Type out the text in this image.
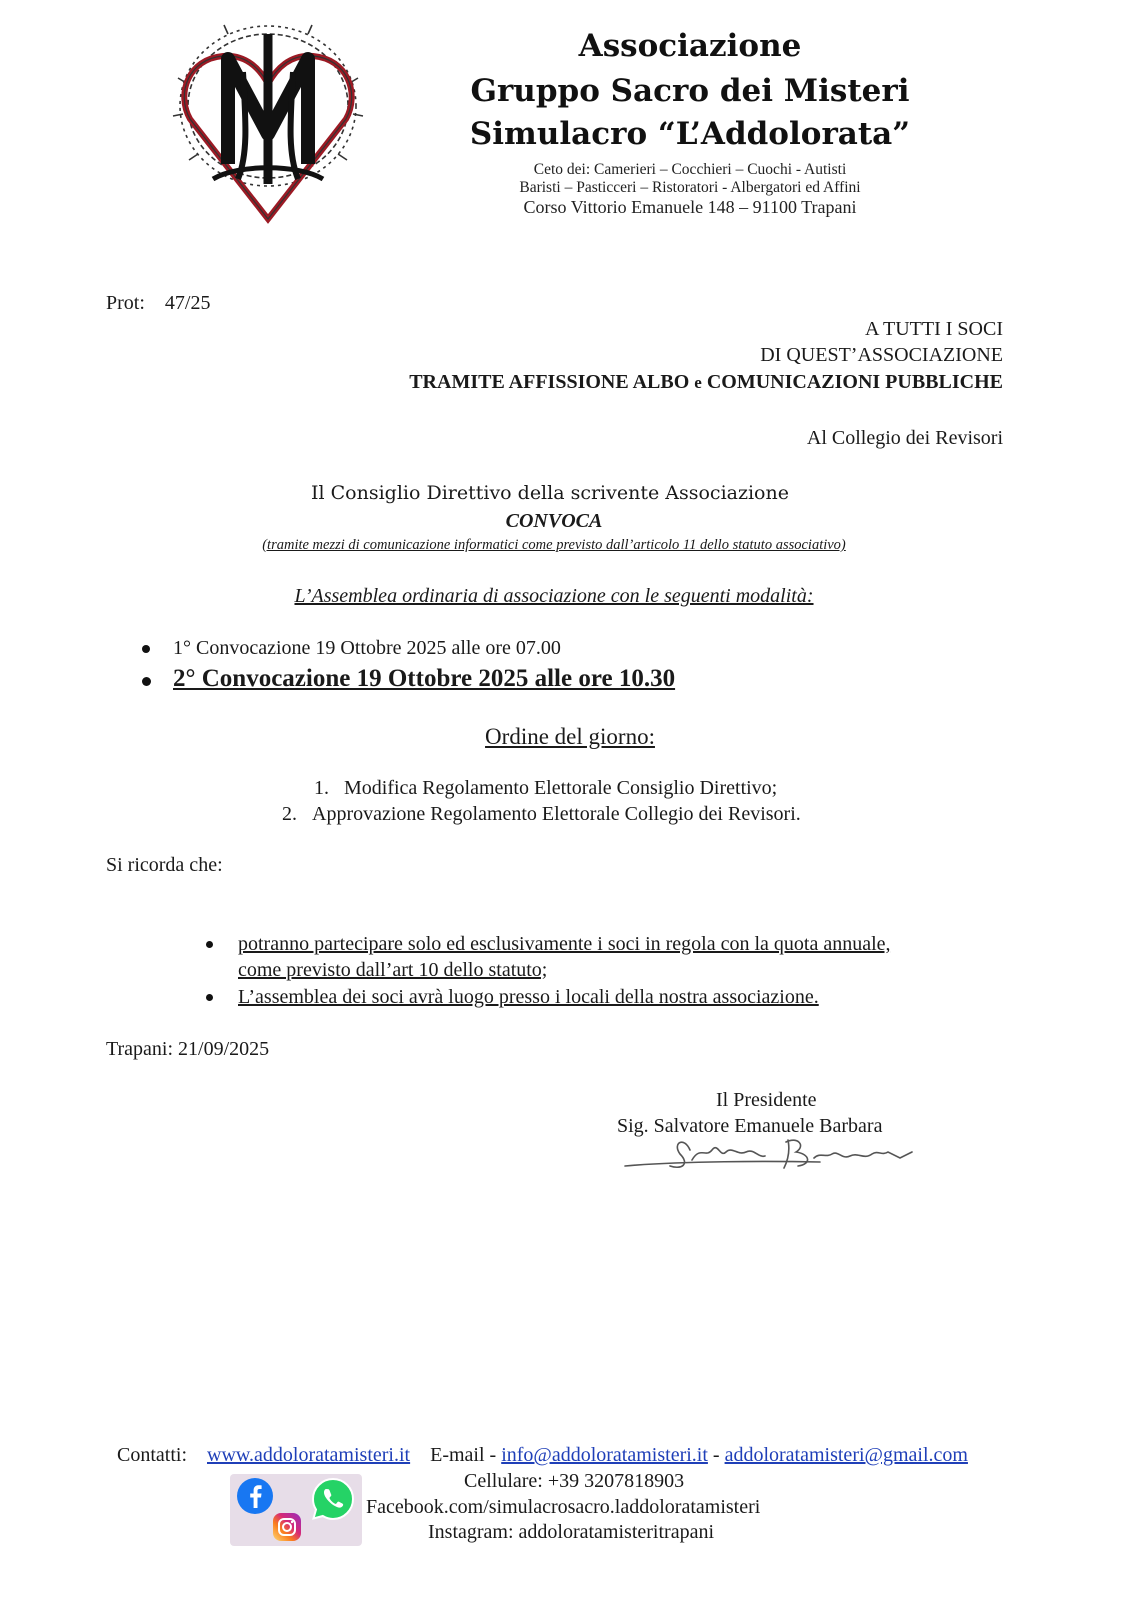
Associazione
Gruppo Sacro dei Misteri
Simulacro “L’Addolorata”
Ceto dei: Camerieri – Cocchieri – Cuochi - Autisti
Baristi – Pasticceri – Ristoratori - Albergatori ed Affini
Corso Vittorio Emanuele 148 – 91100 Trapani
Prot: 47/25
A TUTTI I SOCI
DI QUEST’ASSOCIAZIONE
TRAMITE AFFISSIONE ALBO e COMUNICAZIONI PUBBLICHE
Al Collegio dei Revisori
Il Consiglio Direttivo della scrivente Associazione
CONVOCA
(tramite mezzi di comunicazione informatici come previsto dall’articolo 11 dello statuto associativo)
L’Assemblea ordinaria di associazione con le seguenti modalità:
1° Convocazione 19 Ottobre 2025 alle ore 07.00
2° Convocazione 19 Ottobre 2025 alle ore 10.30
Ordine del giorno:
1. Modifica Regolamento Elettorale Consiglio Direttivo;
2. Approvazione Regolamento Elettorale Collegio dei Revisori.
Si ricorda che:
potranno partecipare solo ed esclusivamente i soci in regola con la quota annuale,
come previsto dall’art 10 dello statuto;
L’assemblea dei soci avrà luogo presso i locali della nostra associazione.
Trapani: 21/09/2025
Il Presidente
Sig. Salvatore Emanuele Barbara
Contatti: www.addoloratamisteri.it E-mail - info@addoloratamisteri.it - addoloratamisteri@gmail.com
Cellulare: +39 3207818903
Facebook.com/simulacrosacro.laddoloratamisteri
Instagram: addoloratamisteritrapani
